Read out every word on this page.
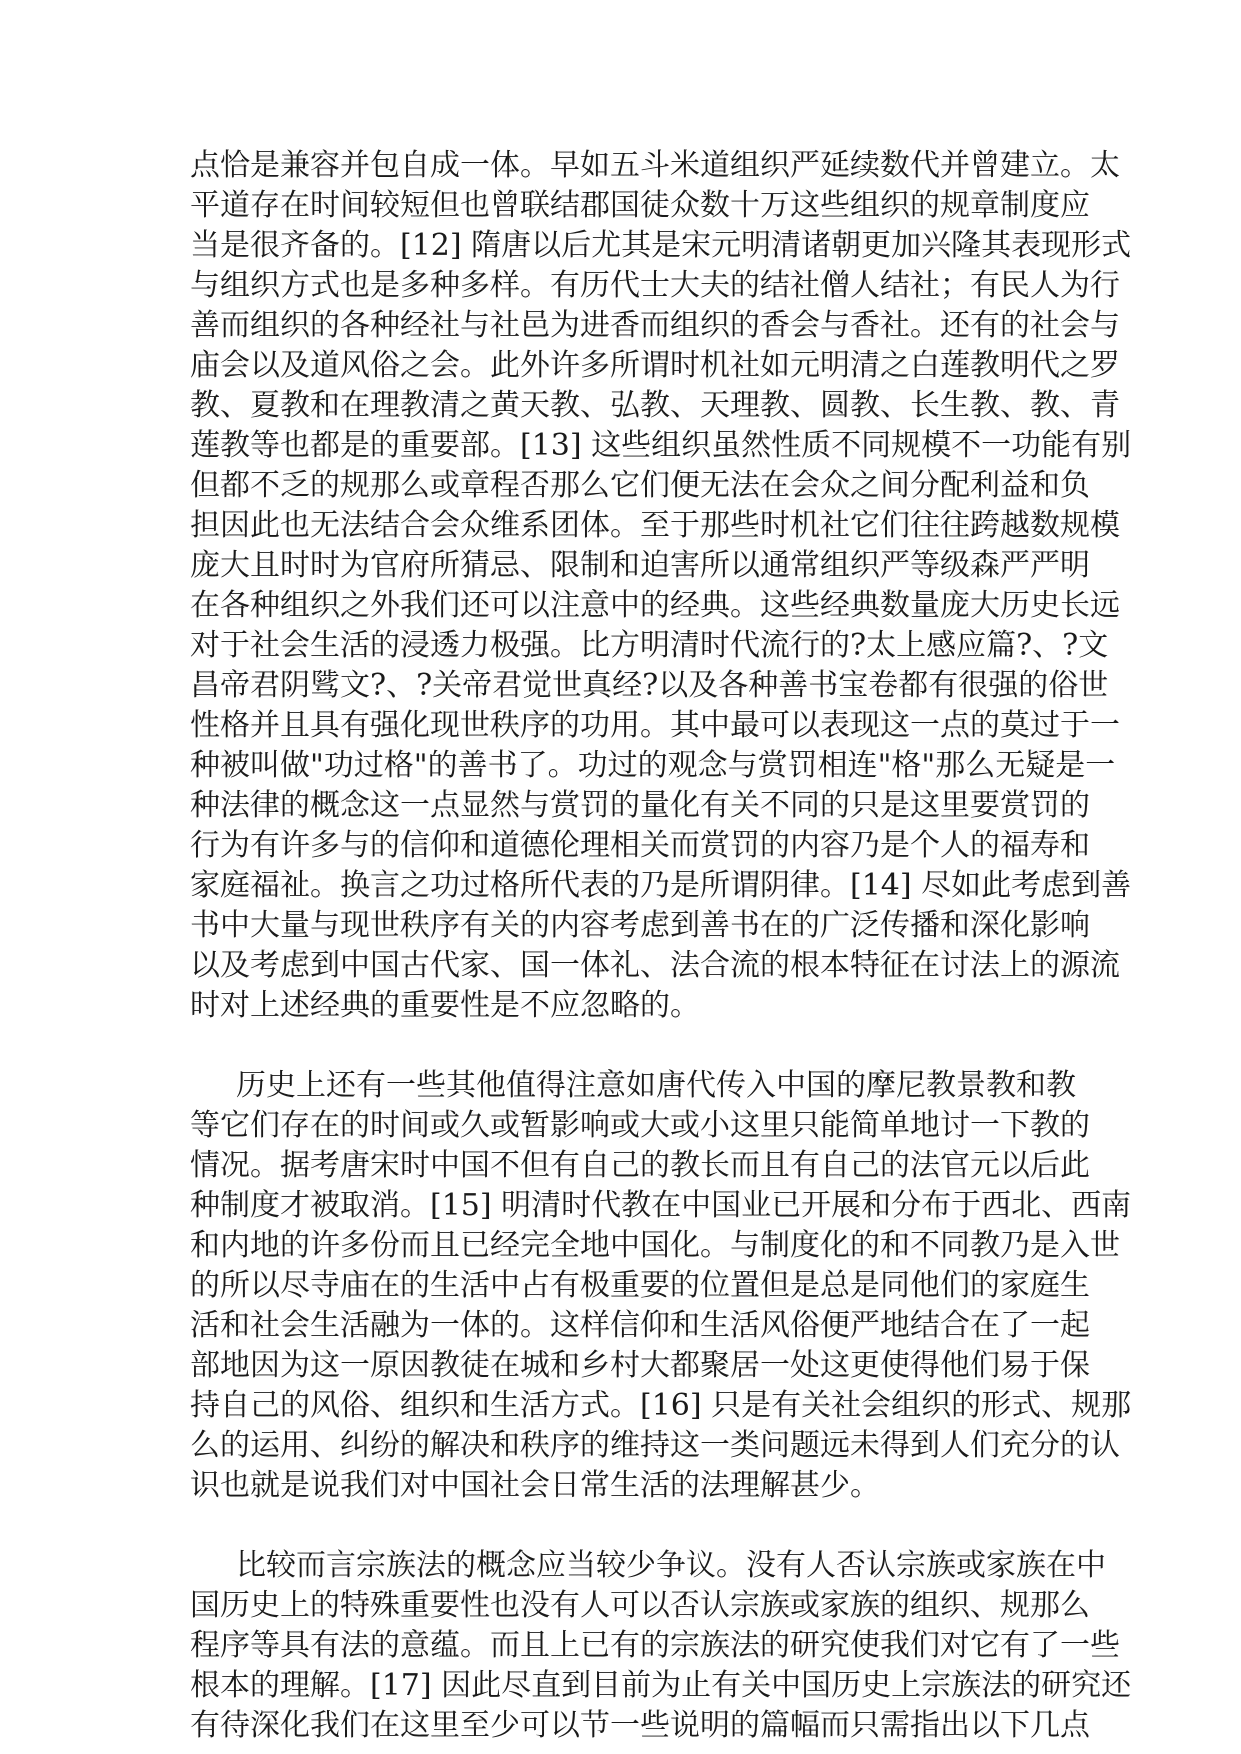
点恰是兼容并包自成一体。早如五斗米道组织严延续数代并曾建立。太
平道存在时间较短但也曾联结郡国徒众数十万这些组织的规章制度应
当是很齐备的。[12] 隋唐以后尤其是宋元明清诸朝更加兴隆其表现形式
与组织方式也是多种多样。有历代士大夫的结社僧人结社；有民人为行
善而组织的各种经社与社邑为进香而组织的香会与香社。还有的社会与
庙会以及道风俗之会。此外许多所谓时机社如元明清之白莲教明代之罗
教、夏教和在理教清之黄天教、弘教、天理教、圆教、长生教、教、青
莲教等也都是的重要部。[13] 这些组织虽然性质不同规模不一功能有别
但都不乏的规那么或章程否那么它们便无法在会众之间分配利益和负
担因此也无法结合会众维系团体。至于那些时机社它们往往跨越数规模
庞大且时时为官府所猜忌、限制和迫害所以通常组织严等级森严严明
在各种组织之外我们还可以注意中的经典。这些经典数量庞大历史长远
对于社会生活的浸透力极强。比方明清时代流行的?太上感应篇?、?文
昌帝君阴骘文?、?关帝君觉世真经?以及各种善书宝卷都有很强的俗世
性格并且具有强化现世秩序的功用。其中最可以表现这一点的莫过于一
种被叫做"功过格"的善书了。功过的观念与赏罚相连"格"那么无疑是一
种法律的概念这一点显然与赏罚的量化有关不同的只是这里要赏罚的
行为有许多与的信仰和道德伦理相关而赏罚的内容乃是个人的福寿和
家庭福祉。换言之功过格所代表的乃是所谓阴律。[14] 尽如此考虑到善
书中大量与现世秩序有关的内容考虑到善书在的广泛传播和深化影响
以及考虑到中国古代家、国一体礼、法合流的根本特征在讨法上的源流
时对上述经典的重要性是不应忽略的。
历史上还有一些其他值得注意如唐代传入中国的摩尼教景教和教
等它们存在的时间或久或暂影响或大或小这里只能简单地讨一下教的
情况。据考唐宋时中国不但有自己的教长而且有自己的法官元以后此
种制度才被取消。[15] 明清时代教在中国业已开展和分布于西北、西南
和内地的许多份而且已经完全地中国化。与制度化的和不同教乃是入世
的所以尽寺庙在的生活中占有极重要的位置但是总是同他们的家庭生
活和社会生活融为一体的。这样信仰和生活风俗便严地结合在了一起
部地因为这一原因教徒在城和乡村大都聚居一处这更使得他们易于保
持自己的风俗、组织和生活方式。[16] 只是有关社会组织的形式、规那
么的运用、纠纷的解决和秩序的维持这一类问题远未得到人们充分的认
识也就是说我们对中国社会日常生活的法理解甚少。
比较而言宗族法的概念应当较少争议。没有人否认宗族或家族在中
国历史上的特殊重要性也没有人可以否认宗族或家族的组织、规那么
程序等具有法的意蕴。而且上已有的宗族法的研究使我们对它有了一些
根本的理解。[17] 因此尽直到目前为止有关中国历史上宗族法的研究还
有待深化我们在这里至少可以节一些说明的篇幅而只需指出以下几点
